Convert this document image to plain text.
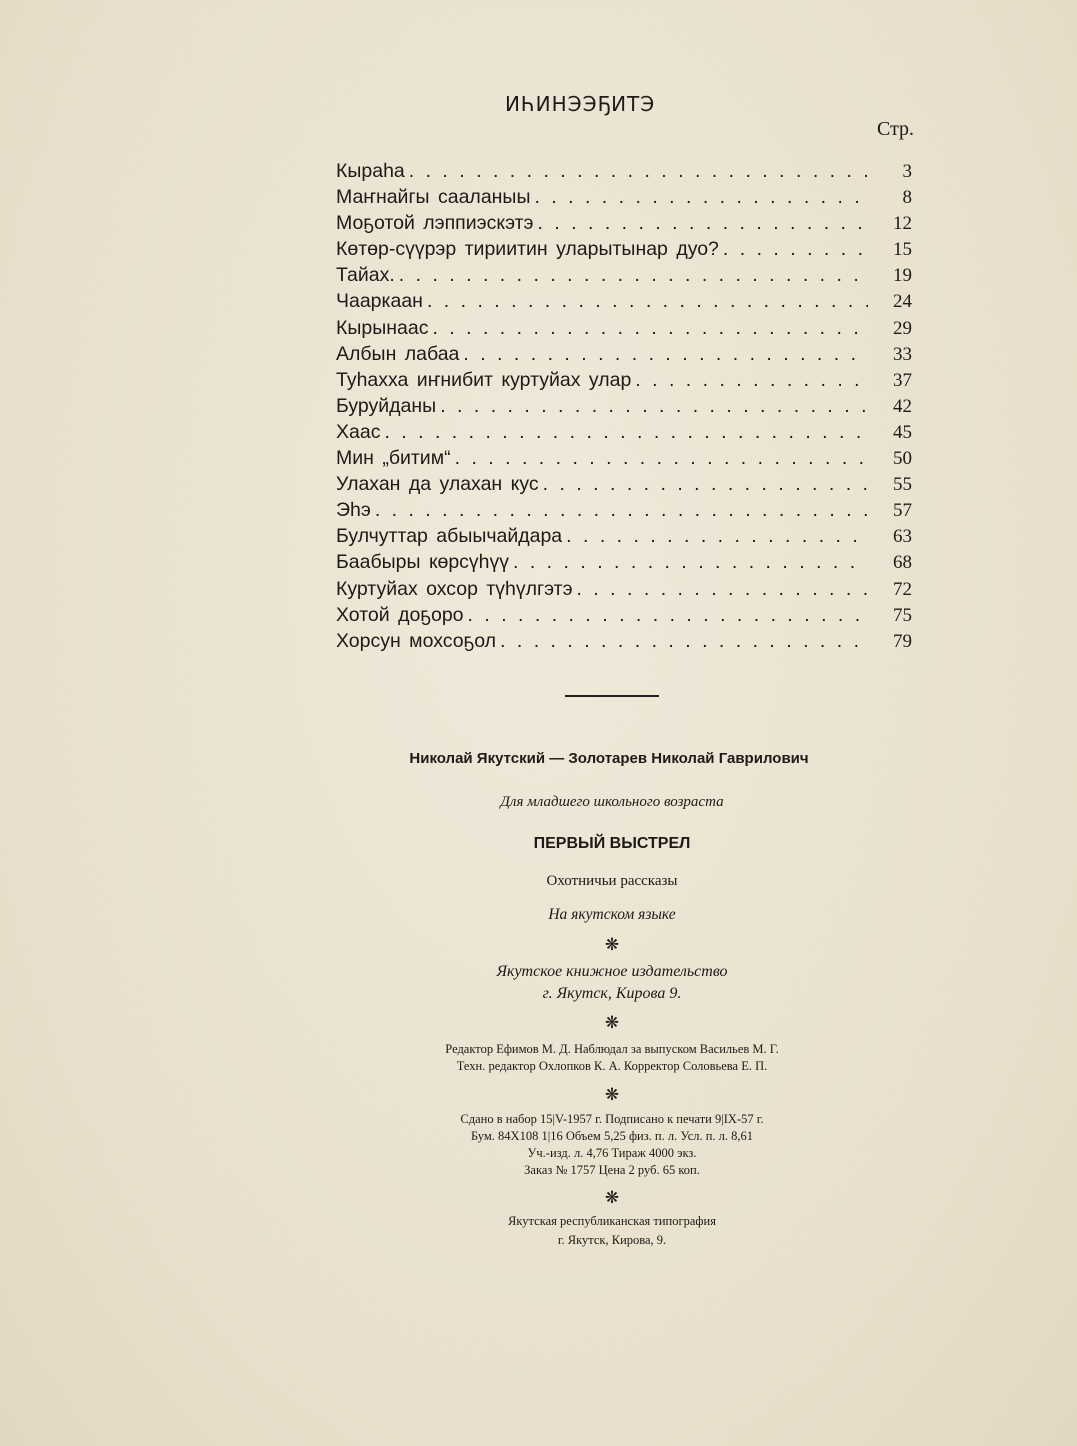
ИҺИНЭЭҔИТЭ
Стр.
Кыраһа . . .	3
Маҥнайгы сааланыы . . .	8
Моҕотой лэппиэскэтэ . . .	12
Көтөр-сүүрэр тириитин уларытынар дуо? . . .	15
Тайах. . . .	19
Чааркаан . . .	24
Кырынаас . . .	29
Албын лабаа . . .	33
Туһахха иҥнибит куртуйах улар . . .	37
Буруйданы . . .	42
Хаас . . .	45
Мин „битим“ . . .	50
Улахан да улахан кус . . .	55
Эһэ . . .	57
Булчуттар абыычайдара . . .	63
Баабыры көрсүһүү . . .	68
Куртуйах охсор түһүлгэтэ . . .	72
Хотой доҕоро . . .	75
Хорсун мохсоҕол . . .	79
Николай Якутский — Золотарев Николай Гаврилович
Для младшего школьного возраста
ПЕРВЫЙ ВЫСТРЕЛ
Охотничьи рассказы
На якутском языке
❋
Якутское книжное издательство
г. Якутск, Кирова 9.
❋
Редактор Ефимов М. Д. Наблюдал за выпуском Васильев М. Г.
Техн. редактор Охлопков К. А. Корректор Соловьева Е. П.
❋
Сдано в набор 15|V-1957 г. Подписано к печати 9|IX-57 г.
Бум. 84X108 1|16 Объем 5,25 физ. п. л. Усл. п. л. 8,61
Уч.-изд. л. 4,76 Тираж 4000 экз.
Заказ № 1757 Цена 2 руб. 65 коп.
❋
Якутская республиканская типография
г. Якутск, Кирова, 9.
